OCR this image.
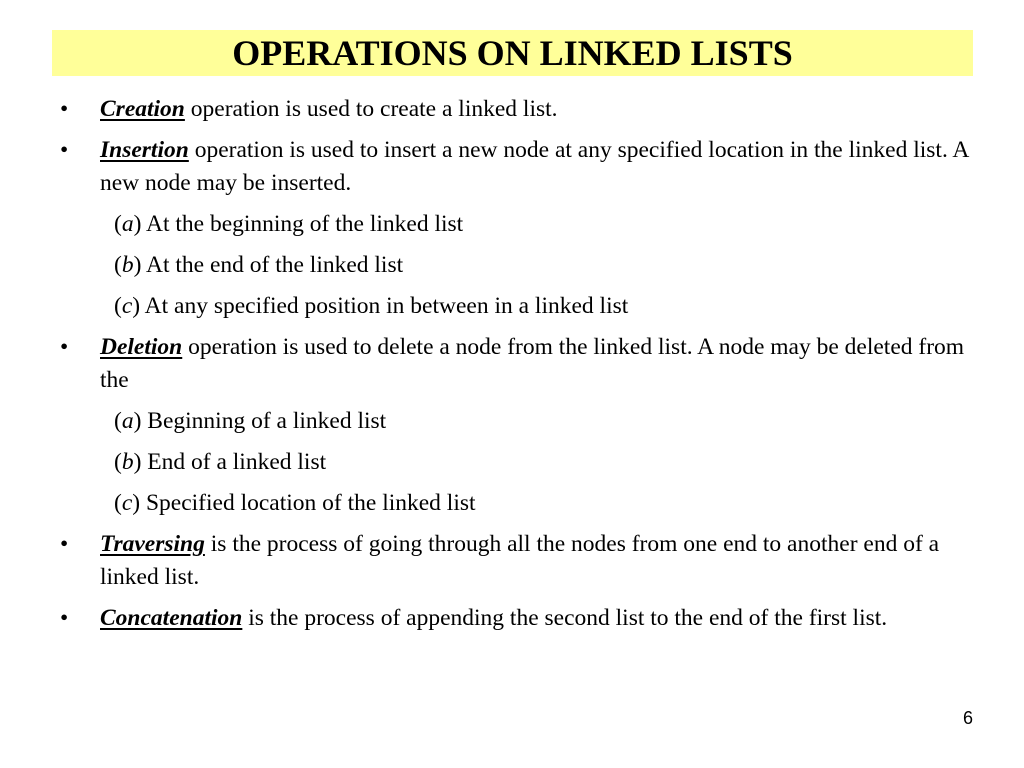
OPERATIONS ON LINKED LISTS
•	Creation operation is used to create a linked list.
•	Insertion operation is used to insert a new node at any specified location in the linked list. A new node may be inserted.
(a) At the beginning of the linked list
(b) At the end of the linked list
(c) At any specified position in between in a linked list
•	Deletion operation is used to delete a node from the linked list. A node may be deleted from the
(a) Beginning of a linked list
(b) End of a linked list
(c) Specified location of the linked list
•	Traversing is the process of going through all the nodes from one end to another end of a linked list.
•	Concatenation is the process of appending the second list to the end of the first list.
6
